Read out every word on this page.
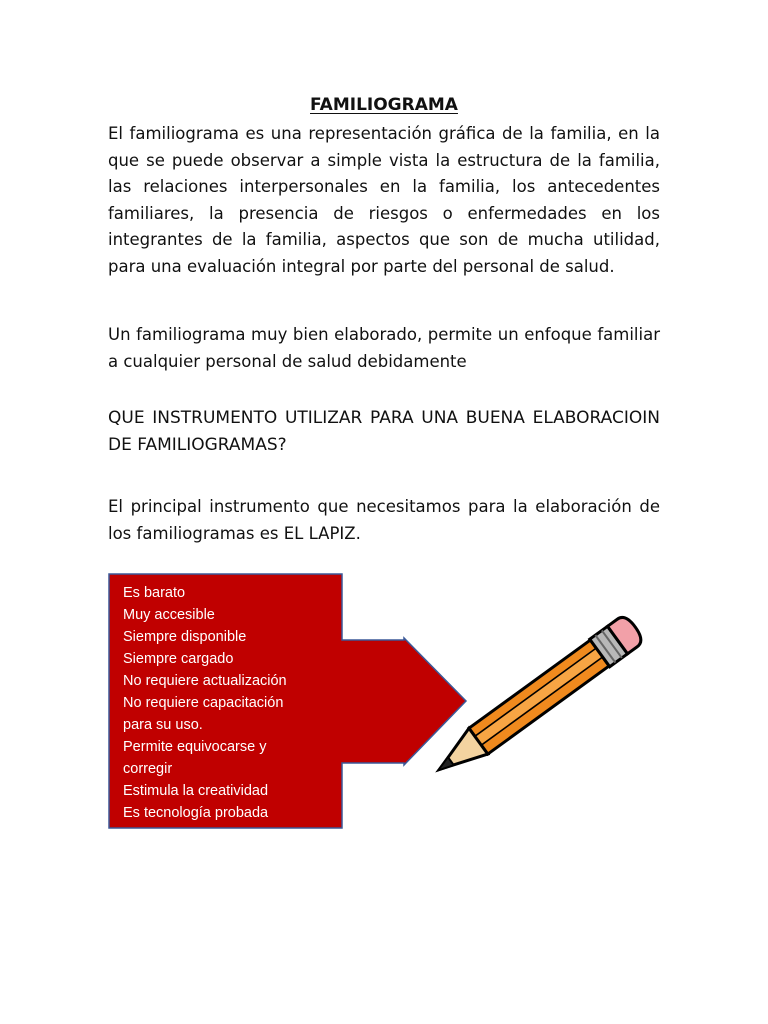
FAMILIOGRAMA

El familiograma es una representación gráfica de la familia, en la que se puede observar a simple vista la estructura de la familia, las relaciones interpersonales en la familia, los antecedentes familiares, la presencia de riesgos o enfermedades en los integrantes de la familia, aspectos que son de mucha utilidad, para una evaluación integral por parte del personal de salud.

Un familiograma muy bien elaborado, permite un enfoque familiar a cualquier personal de salud debidamente

QUE INSTRUMENTO UTILIZAR PARA UNA BUENA ELABORACIOIN DE FAMILIOGRAMAS?

El principal instrumento que necesitamos para la elaboración de los familiogramas es EL LAPIZ.

Es barato
Muy accesible
Siempre disponible
Siempre cargado
No requiere actualización
No requiere capacitación
para su uso.
Permite equivocarse y
corregir
Estimula la creatividad
Es tecnología probada
